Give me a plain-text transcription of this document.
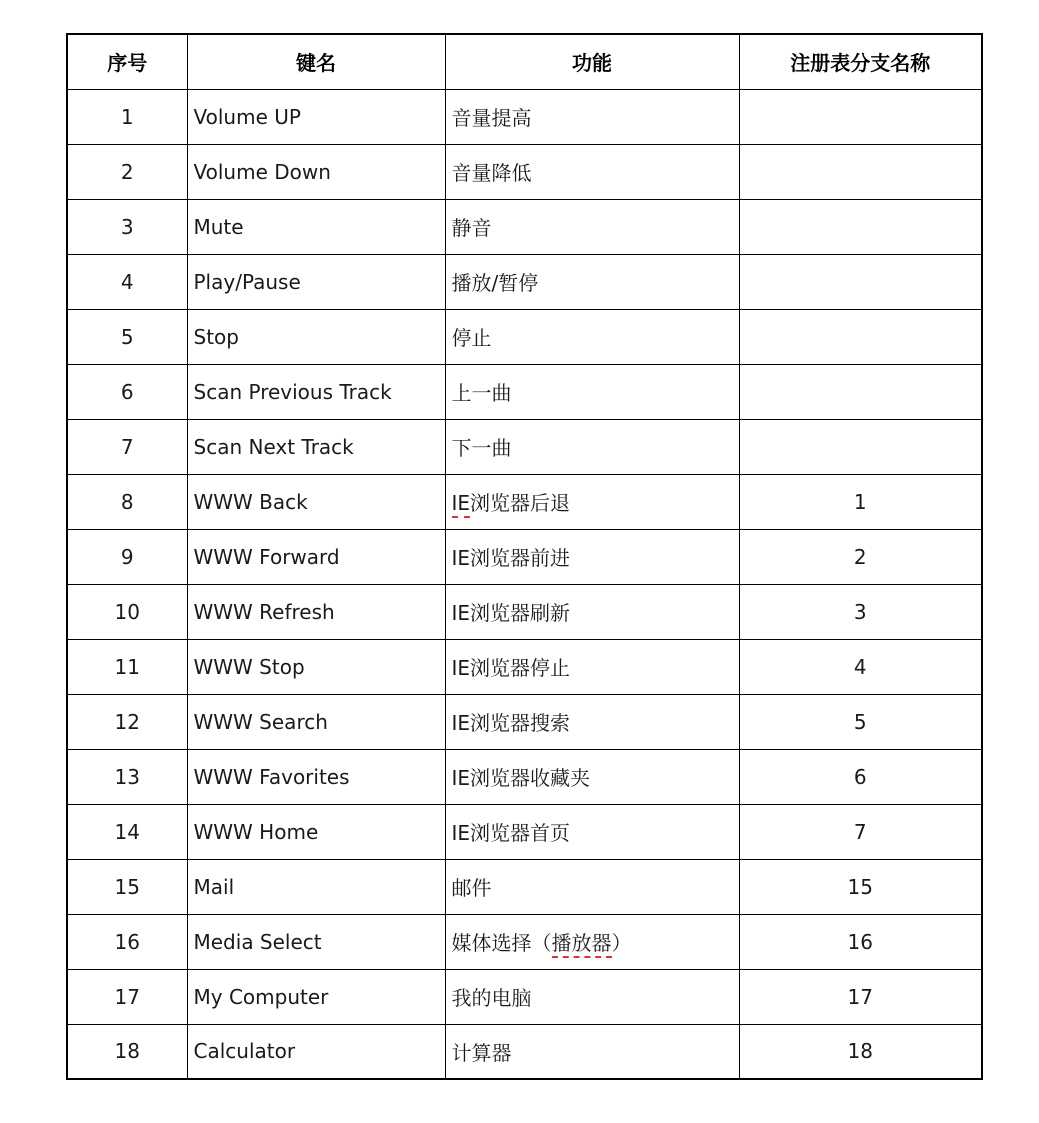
序号	键名	功能	注册表分支名称
1	Volume UP	音量提高	
2	Volume Down	音量降低	
3	Mute	静音	
4	Play/Pause	播放/暂停	
5	Stop	停止	
6	Scan Previous Track	上一曲	
7	Scan Next Track	下一曲	
8	WWW Back	IE浏览器后退	1
9	WWW Forward	IE浏览器前进	2
10	WWW Refresh	IE浏览器刷新	3
11	WWW Stop	IE浏览器停止	4
12	WWW Search	IE浏览器搜索	5
13	WWW Favorites	IE浏览器收藏夹	6
14	WWW Home	IE浏览器首页	7
15	Mail	邮件	15
16	Media Select	媒体选择（播放器）	16
17	My Computer	我的电脑	17
18	Calculator	计算器	18
